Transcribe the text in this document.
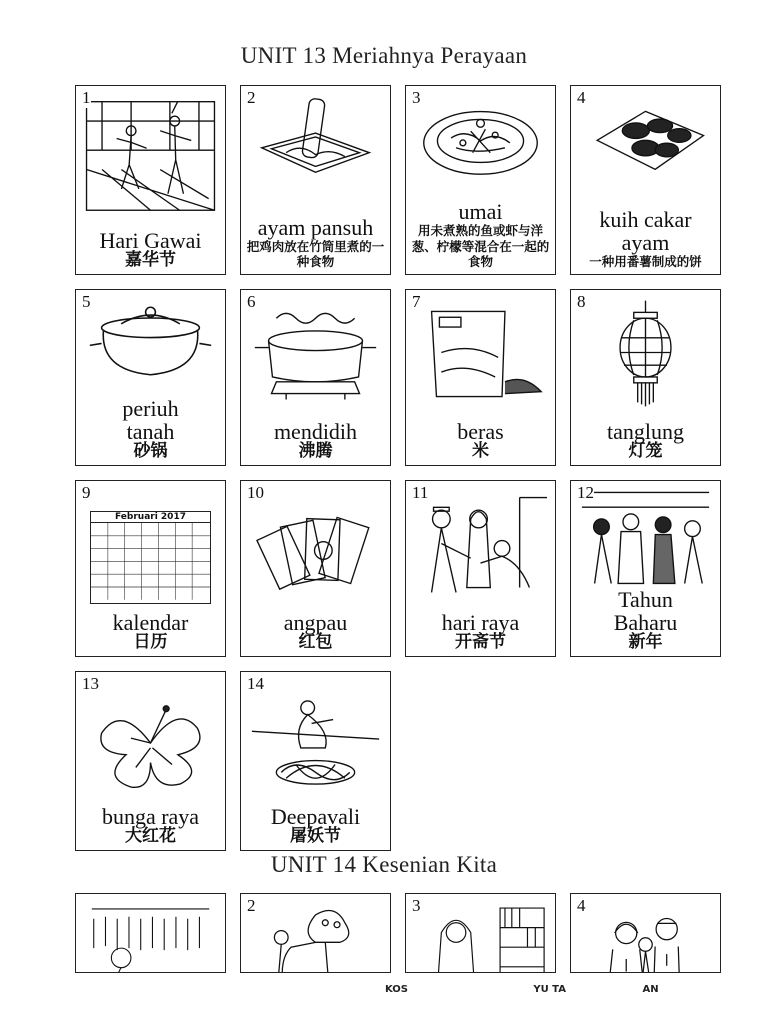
UNIT 13 Meriahnya Perayaan
1
Hari Gawai
嘉华节
2
ayam pansuh
把鸡肉放在竹筒里煮的一种食物
3
umai
用未煮熟的鱼或虾与洋葱、柠檬等混合在一起的食物
4
kuih cakar ayam
一种用番薯制成的饼
5
periuh tanah
砂锅
6
mendidih
沸腾
7
beras
米
8
tanglung
灯笼
Februari 2017
9
kalendar
日历
10
angpau
红包
11
hari raya
开斋节
12
Tahun Baharu
新年
13
bunga raya
大红花
14
Deepavali
屠妖节
UNIT 14 Kesenian Kita
2	3	4
KOS                                    YU TA                      AN
